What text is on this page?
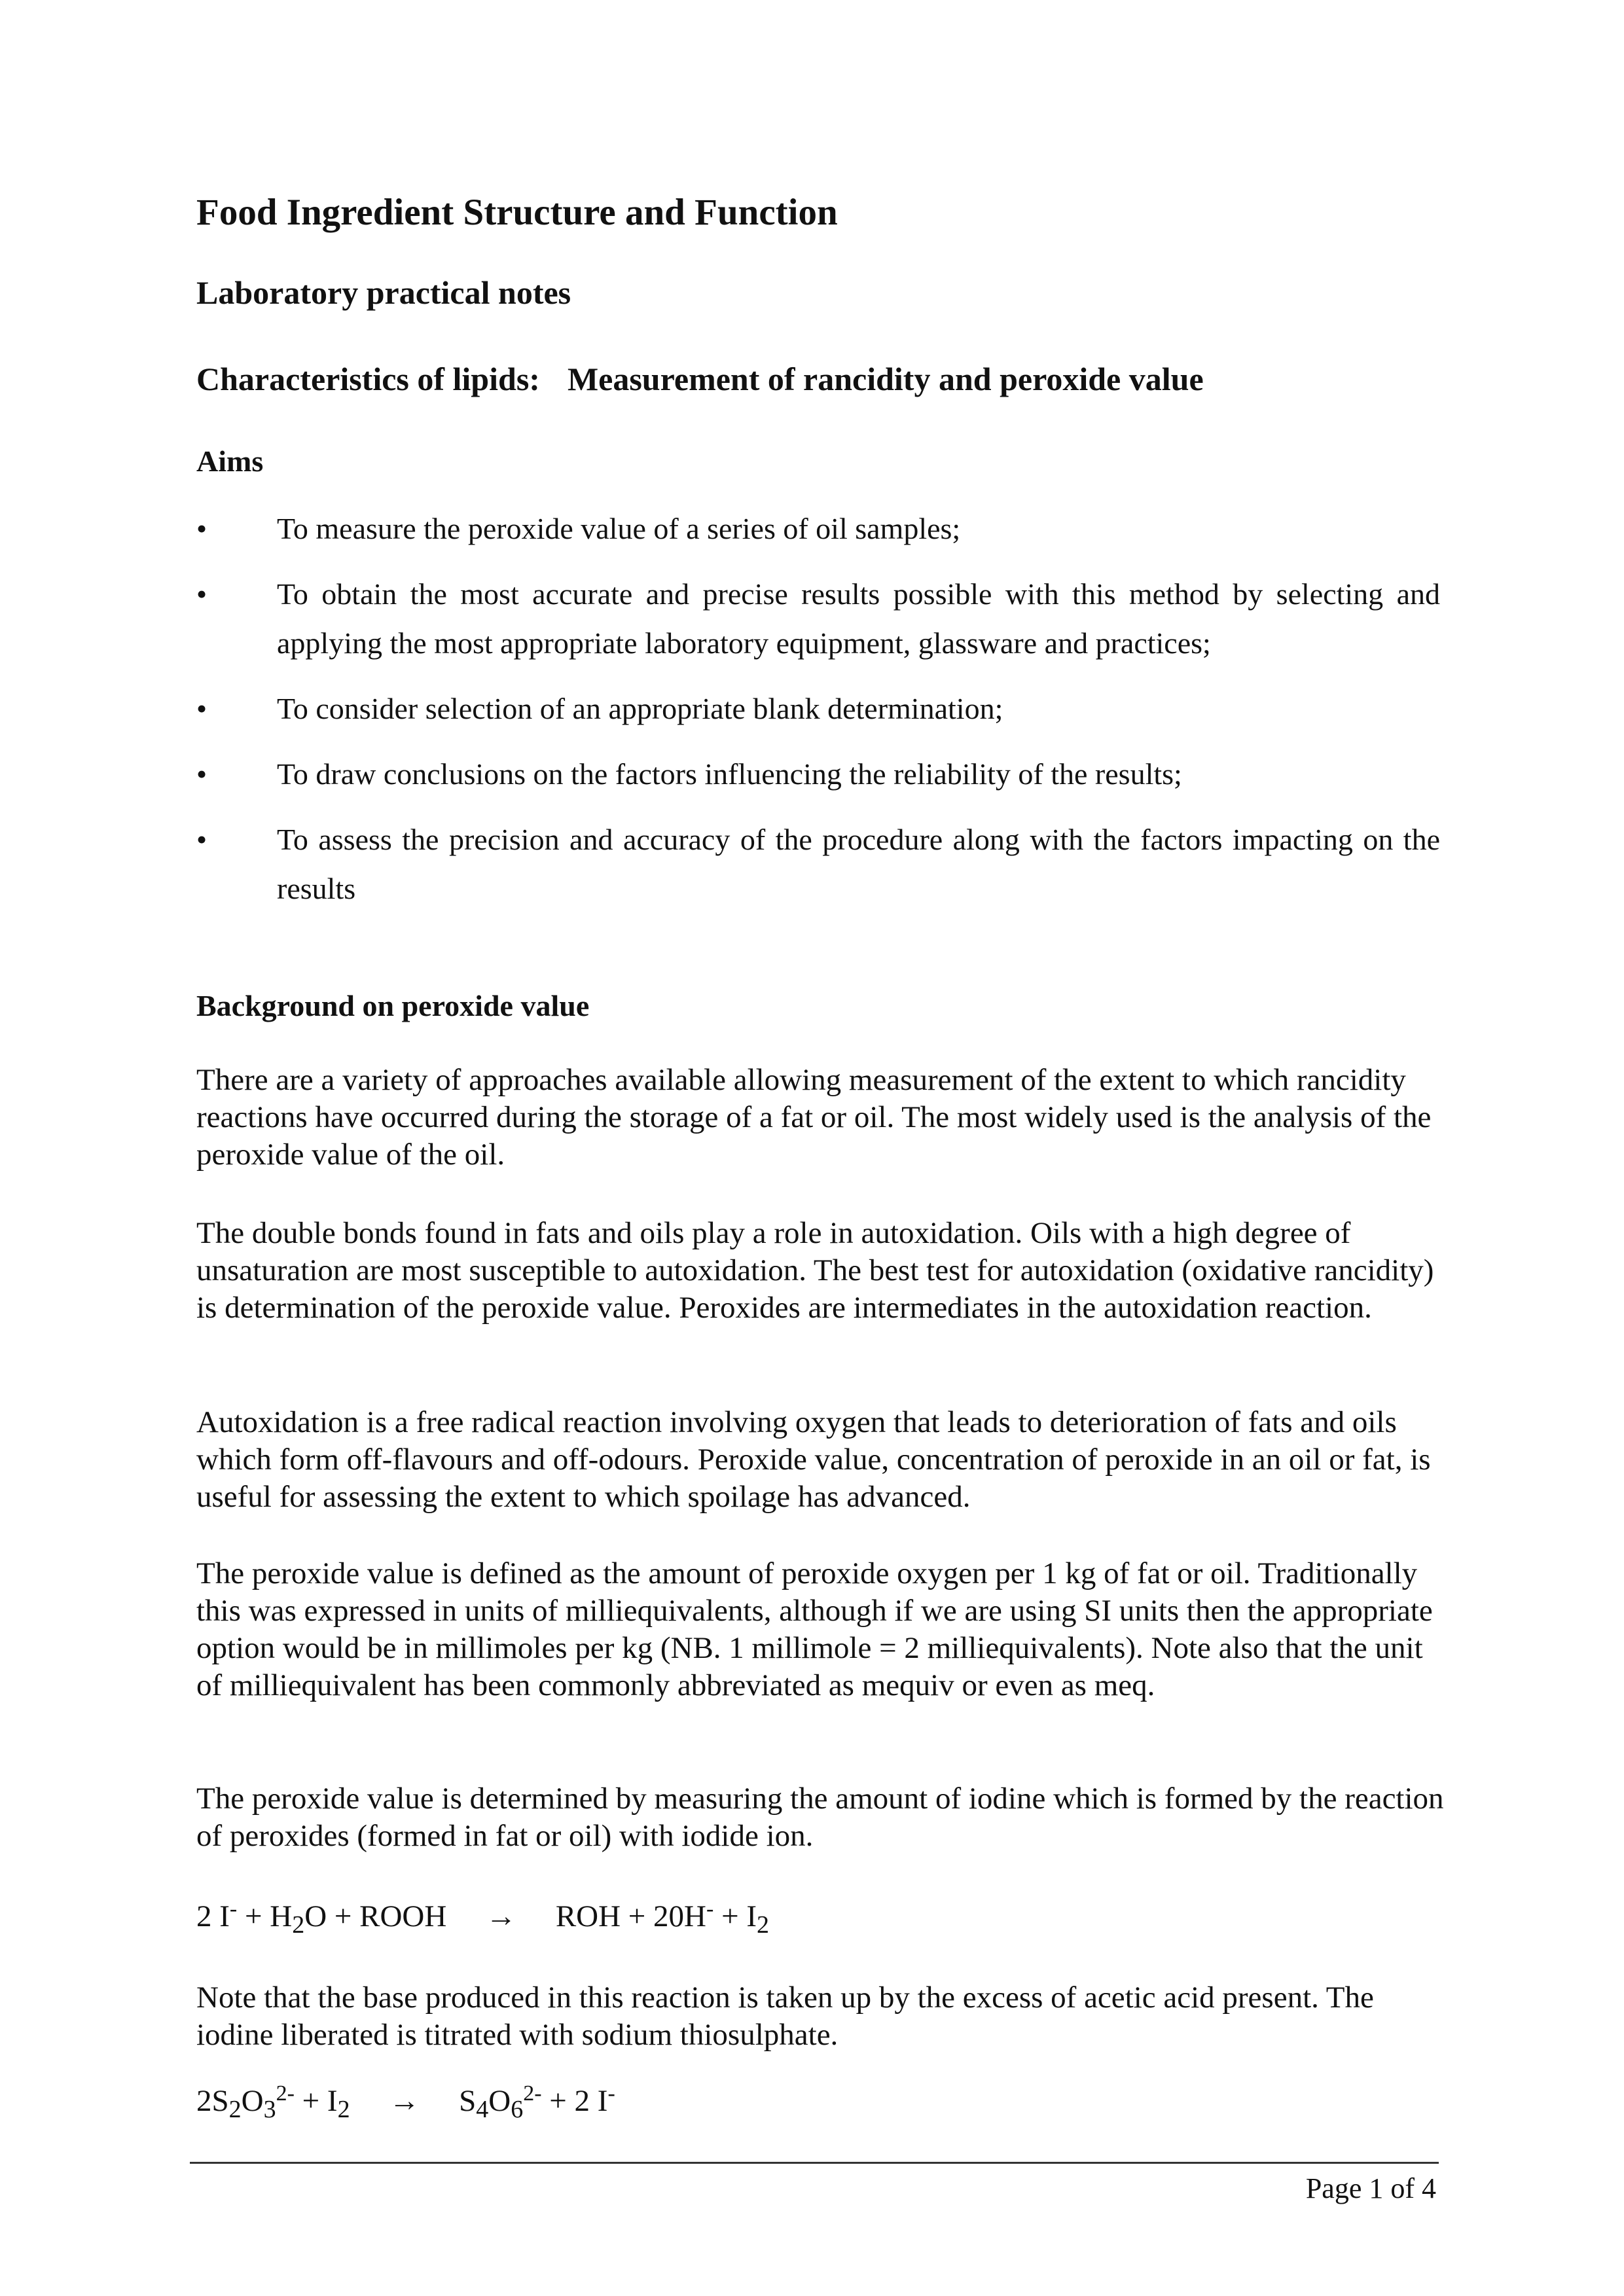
Food Ingredient Structure and Function
Laboratory practical notes
Characteristics of lipids: Measurement of rancidity and peroxide value
Aims
• To measure the peroxide value of a series of oil samples;
• To obtain the most accurate and precise results possible with this method by selecting and applying the most appropriate laboratory equipment, glassware and practices;
• To consider selection of an appropriate blank determination;
• To draw conclusions on the factors influencing the reliability of the results;
• To assess the precision and accuracy of the procedure along with the factors impacting on the results
Background on peroxide value

There are a variety of approaches available allowing measurement of the extent to which rancidity reactions have occurred during the storage of a fat or oil. The most widely used is the analysis of the peroxide value of the oil.

The double bonds found in fats and oils play a role in autoxidation. Oils with a high degree of unsaturation are most susceptible to autoxidation. The best test for autoxidation (oxidative rancidity) is determination of the peroxide value. Peroxides are intermediates in the autoxidation reaction.

Autoxidation is a free radical reaction involving oxygen that leads to deterioration of fats and oils which form off-flavours and off-odours. Peroxide value, concentration of peroxide in an oil or fat, is useful for assessing the extent to which spoilage has advanced.

The peroxide value is defined as the amount of peroxide oxygen per 1 kg of fat or oil. Traditionally this was expressed in units of milliequivalents, although if we are using SI units then the appropriate option would be in millimoles per kg (NB. 1 millimole = 2 milliequivalents). Note also that the unit of milliequivalent has been commonly abbreviated as mequiv or even as meq.

The peroxide value is determined by measuring the amount of iodine which is formed by the reaction of peroxides (formed in fat or oil) with iodide ion.

2 $I^- + H_2O$ + ROOH → ROH + $20H^- + I_2$

Note that the base produced in this reaction is taken up by the excess of acetic acid present. The iodine liberated is titrated with sodium thiosulphate.

$2S_2O_3^{2-} + I_2 \to S_4O_6^{2-} + 2$ I-
Page 1 of 4
